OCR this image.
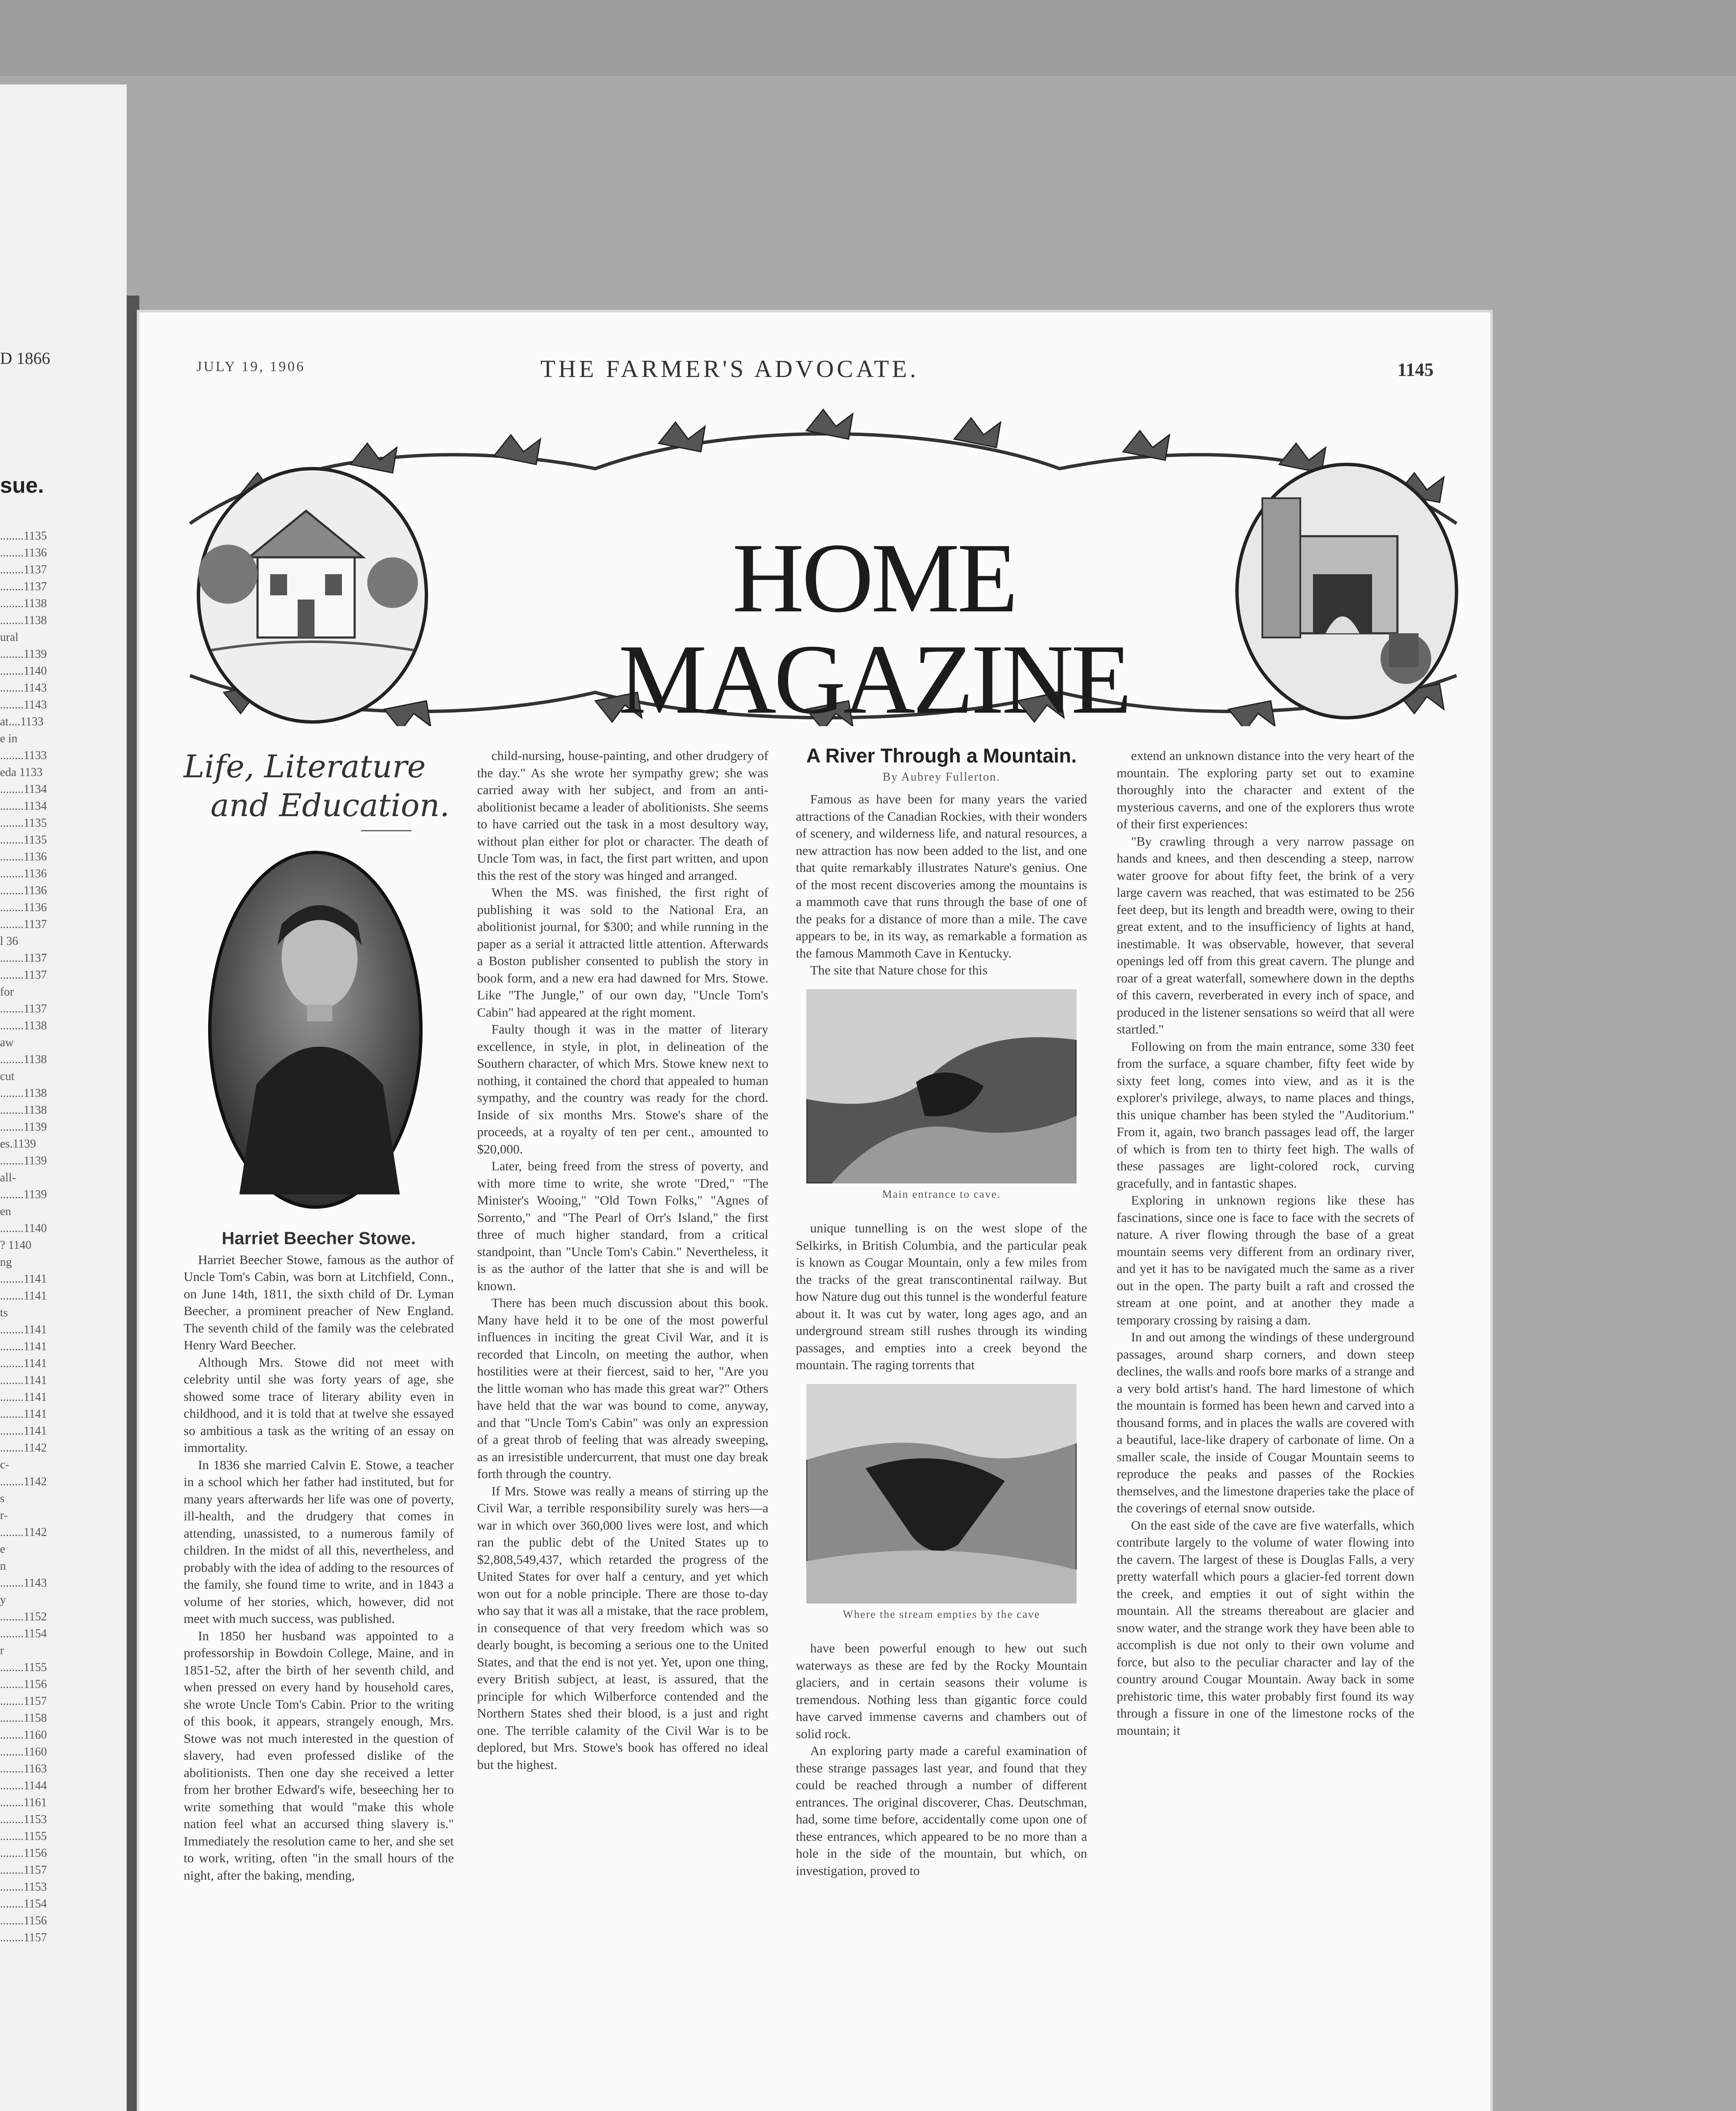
D 1866
sue.
........1135
........1136
........1137
........1137
........1138
........1138
ural
........1139
........1140
........1143
........1143
at....1133
e in
........1133
eda 1133
........1134
........1134
........1135
........1135
........1136
........1136
........1136
........1136
........1137
l 36
........1137
........1137
for
........1137
........1138
aw
........1138
cut
........1138
........1138
........1139
es.1139
........1139
all-
........1139
en
........1140
? 1140
ng
........1141
........1141
ts
........1141
........1141
........1141
........1141
........1141
........1141
........1141
........1142
c-
........1142
s
r-
........1142
e
n
........1143
y
........1152
........1154
r
........1155
........1156
........1157
........1158
........1160
........1160
........1163
........1144
........1161
........1153
........1155
........1156
........1157
........1153
........1154
........1156
........1157
JULY 19, 1906	THE FARMER'S ADVOCATE.	1145
HOME MAGAZINE
Life, Literature
and Education.
Harriet Beecher Stowe.

Harriet Beecher Stowe, famous as the author of Uncle Tom's Cabin, was born at Litchfield, Conn., on June 14th, 1811, the sixth child of Dr. Lyman Beecher, a prominent preacher of New England. The seventh child of the family was the celebrated Henry Ward Beecher.

Although Mrs. Stowe did not meet with celebrity until she was forty years of age, she showed some trace of literary ability even in childhood, and it is told that at twelve she essayed so ambitious a task as the writing of an essay on immortality.

In 1836 she married Calvin E. Stowe, a teacher in a school which her father had instituted, but for many years afterwards her life was one of poverty, ill-health, and the drudgery that comes in attending, unassisted, to a numerous family of children. In the midst of all this, nevertheless, and probably with the idea of adding to the resources of the family, she found time to write, and in 1843 a volume of her stories, which, however, did not meet with much success, was published.

In 1850 her husband was appointed to a professorship in Bowdoin College, Maine, and in 1851-52, after the birth of her seventh child, and when pressed on every hand by household cares, she wrote Uncle Tom's Cabin. Prior to the writing of this book, it appears, strangely enough, Mrs. Stowe was not much interested in the question of slavery, had even professed dislike of the abolitionists. Then one day she received a letter from her brother Edward's wife, beseeching her to write something that would "make this whole nation feel what an accursed thing slavery is." Immediately the resolution came to her, and she set to work, writing, often "in the small hours of the night, after the baking, mending,

child-nursing, house-painting, and other drudgery of the day." As she wrote her sympathy grew; she was carried away with her subject, and from an anti-abolitionist became a leader of abolitionists. She seems to have carried out the task in a most desultory way, without plan either for plot or character. The death of Uncle Tom was, in fact, the first part written, and upon this the rest of the story was hinged and arranged.

When the MS. was finished, the first right of publishing it was sold to the National Era, an abolitionist journal, for $300; and while running in the paper as a serial it attracted little attention. Afterwards a Boston publisher consented to publish the story in book form, and a new era had dawned for Mrs. Stowe. Like "The Jungle," of our own day, "Uncle Tom's Cabin" had appeared at the right moment.

Faulty though it was in the matter of literary excellence, in style, in plot, in delineation of the Southern character, of which Mrs. Stowe knew next to nothing, it contained the chord that appealed to human sympathy, and the country was ready for the chord. Inside of six months Mrs. Stowe's share of the proceeds, at a royalty of ten per cent., amounted to $20,000.

Later, being freed from the stress of poverty, and with more time to write, she wrote "Dred," "The Minister's Wooing," "Old Town Folks," "Agnes of Sorrento," and "The Pearl of Orr's Island," the first three of much higher standard, from a critical standpoint, than "Uncle Tom's Cabin." Nevertheless, it is as the author of the latter that she is and will be known.

There has been much discussion about this book. Many have held it to be one of the most powerful influences in inciting the great Civil War, and it is recorded that Lincoln, on meeting the author, when hostilities were at their fiercest, said to her, "Are you the little woman who has made this great war?" Others have held that the war was bound to come, anyway, and that "Uncle Tom's Cabin" was only an expression of a great throb of feeling that was already sweeping, as an irresistible undercurrent, that must one day break forth through the country.

If Mrs. Stowe was really a means of stirring up the Civil War, a terrible responsibility surely was hers—a war in which over 360,000 lives were lost, and which ran the public debt of the United States up to $2,808,549,437, which retarded the progress of the United States for over half a century, and yet which won out for a noble principle. There are those to-day who say that it was all a mistake, that the race problem, in consequence of that very freedom which was so dearly bought, is becoming a serious one to the United States, and that the end is not yet. Yet, upon one thing, every British subject, at least, is assured, that the principle for which Wilberforce contended and the Northern States shed their blood, is a just and right one. The terrible calamity of the Civil War is to be deplored, but Mrs. Stowe's book has offered no ideal but the highest.

A River Through a Mountain.
By Aubrey Fullerton.

Famous as have been for many years the varied attractions of the Canadian Rockies, with their wonders of scenery, and wilderness life, and natural resources, a new attraction has now been added to the list, and one that quite remarkably illustrates Nature's genius. One of the most recent discoveries among the mountains is a mammoth cave that runs through the base of one of the peaks for a distance of more than a mile. The cave appears to be, in its way, as remarkable a formation as the famous Mammoth Cave in Kentucky.

The site that Nature chose for this

Main entrance to cave.

unique tunnelling is on the west slope of the Selkirks, in British Columbia, and the particular peak is known as Cougar Mountain, only a few miles from the tracks of the great transcontinental railway. But how Nature dug out this tunnel is the wonderful feature about it. It was cut by water, long ages ago, and an underground stream still rushes through its winding passages, and empties into a creek beyond the mountain. The raging torrents that

Where the stream empties by the cave

have been powerful enough to hew out such waterways as these are fed by the Rocky Mountain glaciers, and in certain seasons their volume is tremendous. Nothing less than gigantic force could have carved immense caverns and chambers out of solid rock.

An exploring party made a careful examination of these strange passages last year, and found that they could be reached through a number of different entrances. The original discoverer, Chas. Deutschman, had, some time before, accidentally come upon one of these entrances, which appeared to be no more than a hole in the side of the mountain, but which, on investigation, proved to

extend an unknown distance into the very heart of the mountain. The exploring party set out to examine thoroughly into the character and extent of the mysterious caverns, and one of the explorers thus wrote of their first experiences:

"By crawling through a very narrow passage on hands and knees, and then descending a steep, narrow water groove for about fifty feet, the brink of a very large cavern was reached, that was estimated to be 256 feet deep, but its length and breadth were, owing to their great extent, and to the insufficiency of lights at hand, inestimable. It was observable, however, that several openings led off from this great cavern. The plunge and roar of a great waterfall, somewhere down in the depths of this cavern, reverberated in every inch of space, and produced in the listener sensations so weird that all were startled."

Following on from the main entrance, some 330 feet from the surface, a square chamber, fifty feet wide by sixty feet long, comes into view, and as it is the explorer's privilege, always, to name places and things, this unique chamber has been styled the "Auditorium." From it, again, two branch passages lead off, the larger of which is from ten to thirty feet high. The walls of these passages are light-colored rock, curving gracefully, and in fantastic shapes.

Exploring in unknown regions like these has fascinations, since one is face to face with the secrets of nature. A river flowing through the base of a great mountain seems very different from an ordinary river, and yet it has to be navigated much the same as a river out in the open. The party built a raft and crossed the stream at one point, and at another they made a temporary crossing by raising a dam.

In and out among the windings of these underground passages, around sharp corners, and down steep declines, the walls and roofs bore marks of a strange and a very bold artist's hand. The hard limestone of which the mountain is formed has been hewn and carved into a thousand forms, and in places the walls are covered with a beautiful, lace-like drapery of carbonate of lime. On a smaller scale, the inside of Cougar Mountain seems to reproduce the peaks and passes of the Rockies themselves, and the limestone draperies take the place of the coverings of eternal snow outside.

On the east side of the cave are five waterfalls, which contribute largely to the volume of water flowing into the cavern. The largest of these is Douglas Falls, a very pretty waterfall which pours a glacier-fed torrent down the creek, and empties it out of sight within the mountain. All the streams thereabout are glacier and snow water, and the strange work they have been able to accomplish is due not only to their own volume and force, but also to the peculiar character and lay of the country around Cougar Mountain. Away back in some prehistoric time, this water probably first found its way through a fissure in one of the limestone rocks of the mountain; it
